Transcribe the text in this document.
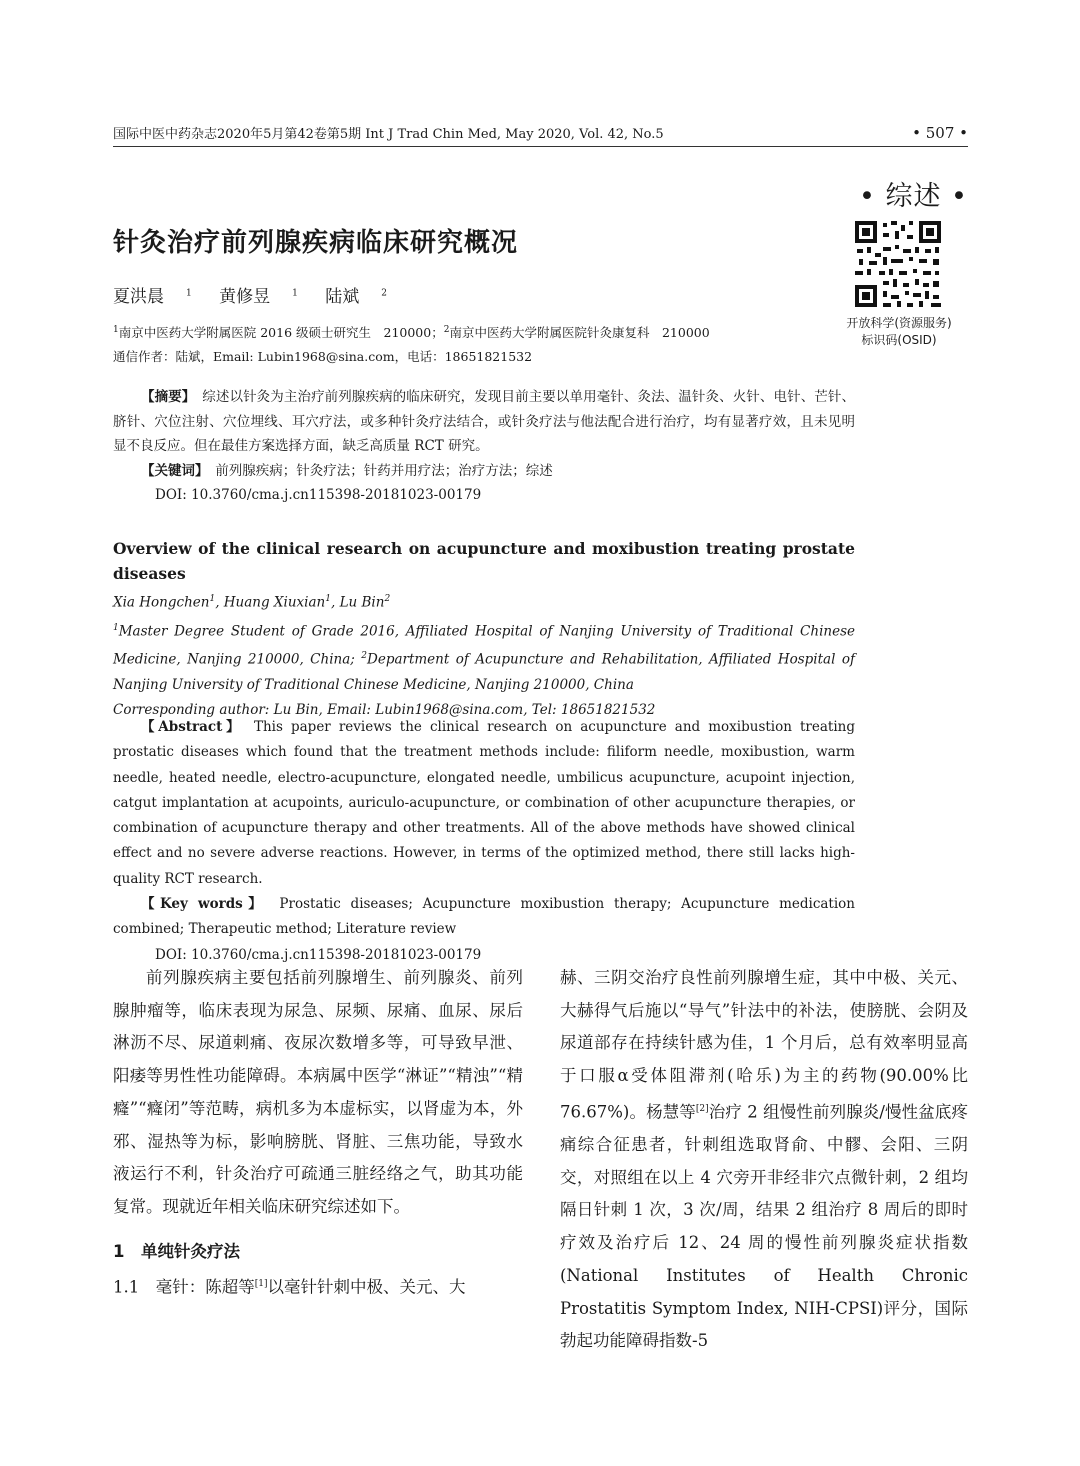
国际中医中药杂志2020年5月第42卷第5期 Int J Trad Chin Med, May 2020, Vol. 42, No.5	• 507 •
• 综述 •
开放科学(资源服务)
标识码(OSID)
针灸治疗前列腺疾病临床研究概况
夏洪晨 $^1$ 黄修昱 $^1$ 陆斌 $^2$
$^1$南京中医药大学附属医院 2016 级硕士研究生　210000；$^2$南京中医药大学附属医院针灸康复科　210000
通信作者：陆斌，Email: Lubin1968@sina.com，电话：18651821532
【摘要】　 综述以针灸为主治疗前列腺疾病的临床研究，发现目前主要以单用毫针、灸法、温针灸、火针、电针、芒针、脐针、穴位注射、穴位埋线、耳穴疗法，或多种针灸疗法结合，或针灸疗法与他法配合进行治疗，均有显著疗效，且未见明显不良反应。但在最佳方案选择方面，缺乏高质量 RCT 研究。
【关键词】　 前列腺疾病；针灸疗法；针药并用疗法；治疗方法；综述
DOI: 10.3760/cma.j.cn115398-20181023-00179
Overview of the clinical research on acupuncture and moxibustion treating prostate diseases
Xia Hongchen$^1$, Huang Xiuxian$^1$, Lu Bin$^2$
$^1$Master Degree Student of Grade 2016, Affiliated Hospital of Nanjing University of Traditional Chinese Medicine, Nanjing 210000, China; $^2$Department of Acupuncture and Rehabilitation, Affiliated Hospital of Nanjing University of Traditional Chinese Medicine, Nanjing 210000, China
Corresponding author: Lu Bin, Email: Lubin1968@sina.com, Tel: 18651821532
【Abstract】　 This paper reviews the clinical research on acupuncture and moxibustion treating prostatic diseases which found that the treatment methods include: filiform needle, moxibustion, warm needle, heated needle, electro-acupuncture, elongated needle, umbilicus acupuncture, acupoint injection, catgut implantation at acupoints, auriculo-acupuncture, or combination of other acupuncture therapies, or combination of acupuncture therapy and other treatments. All of the above methods have showed clinical effect and no severe adverse reactions. However, in terms of the optimized method, there still lacks high-quality RCT research.
【Key words】　 Prostatic diseases; Acupuncture moxibustion therapy; Acupuncture medication combined; Therapeutic method; Literature review
DOI: 10.3760/cma.j.cn115398-20181023-00179
前列腺疾病主要包括前列腺增生、前列腺炎、前列腺肿瘤等，临床表现为尿急、尿频、尿痛、血尿、尿后淋沥不尽、尿道刺痛、夜尿次数增多等，可导致早泄、阳痿等男性性功能障碍。本病属中医学“淋证”“精浊”“精癃”“癃闭”等范畴，病机多为本虚标实，以肾虚为本，外邪、湿热等为标，影响膀胱、肾脏、三焦功能，导致水液运行不利，针灸治疗可疏通三脏经络之气，助其功能复常。现就近年相关临床研究综述如下。
1　单纯针灸疗法
1.1　毫针：陈超等[1]以毫针针刺中极、关元、大
赫、三阴交治疗良性前列腺增生症，其中中极、关元、大赫得气后施以“导气”针法中的补法，使膀胱、会阴及尿道部存在持续针感为佳，1 个月后，总有效率明显高于口服α受体阻滞剂(哈乐)为主的药物(90.00%比 76.67%)。杨慧等[2]治疗 2 组慢性前列腺炎/慢性盆底疼痛综合征患者，针刺组选取肾俞、中髎、会阳、三阴交，对照组在以上 4 穴旁开非经非穴点微针刺，2 组均隔日针刺 1 次，3 次/周，结果 2 组治疗 8 周后的即时疗效及治疗后 12、24 周的慢性前列腺炎症状指数(National Institutes of Health Chronic Prostatitis Symptom Index, NIH-CPSI)评分，国际勃起功能障碍指数-5
